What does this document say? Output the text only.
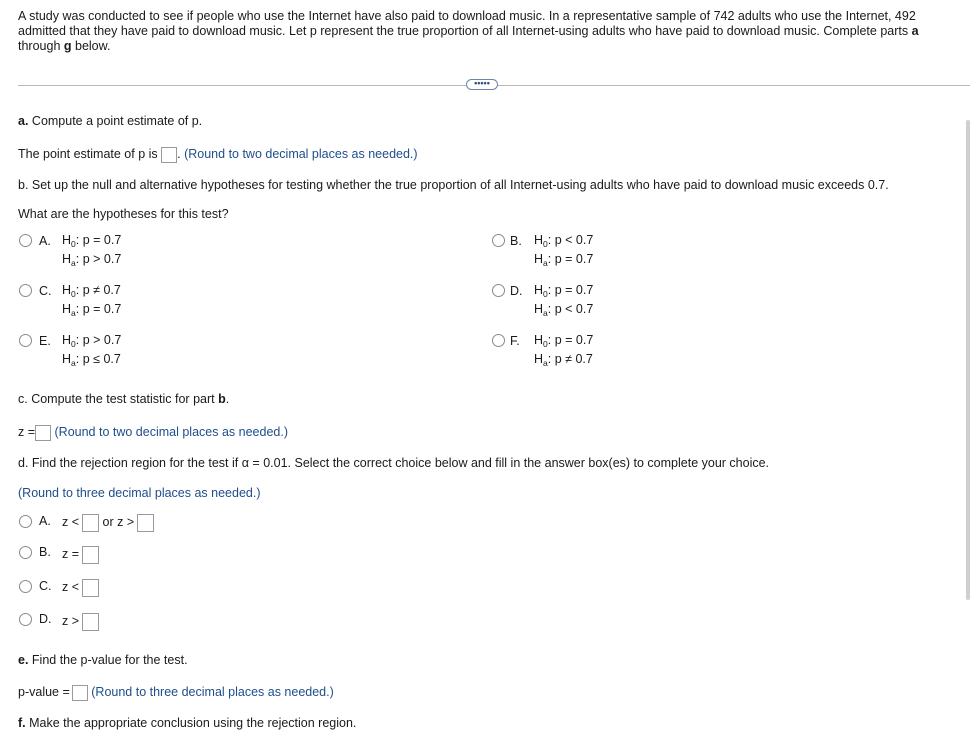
A study was conducted to see if people who use the Internet have also paid to download music. In a representative sample of 742 adults who use the Internet, 492 admitted that they have paid to download music. Let p represent the true proportion of all Internet-using adults who have paid to download music. Complete parts a through g below.
•••••
a. Compute a point estimate of p.
The point estimate of p is . (Round to two decimal places as needed.)
b. Set up the null and alternative hypotheses for testing whether the true proportion of all Internet-using adults who have paid to download music exceeds 0.7.
What are the hypotheses for this test?
A. $H_0$: p = 0.7
$H_a$: p > 0.7
B. $H_0$: p < 0.7
$H_a$: p = 0.7
C. $H_0$: p ≠ 0.7
$H_a$: p = 0.7
D. $H_0$: p = 0.7
$H_a$: p < 0.7
E. $H_0$: p > 0.7
$H_a$: p ≤ 0.7
F. $H_0$: p = 0.7
$H_a$: p ≠ 0.7
c. Compute the test statistic for part b.
z = (Round to two decimal places as needed.)
d. Find the rejection region for the test if α = 0.01. Select the correct choice below and fill in the answer box(es) to complete your choice.
(Round to three decimal places as needed.)
A. z < or z >
B. z =
C. z <
D. z >
e. Find the p-value for the test.
p-value = (Round to three decimal places as needed.)
f. Make the appropriate conclusion using the rejection region.
